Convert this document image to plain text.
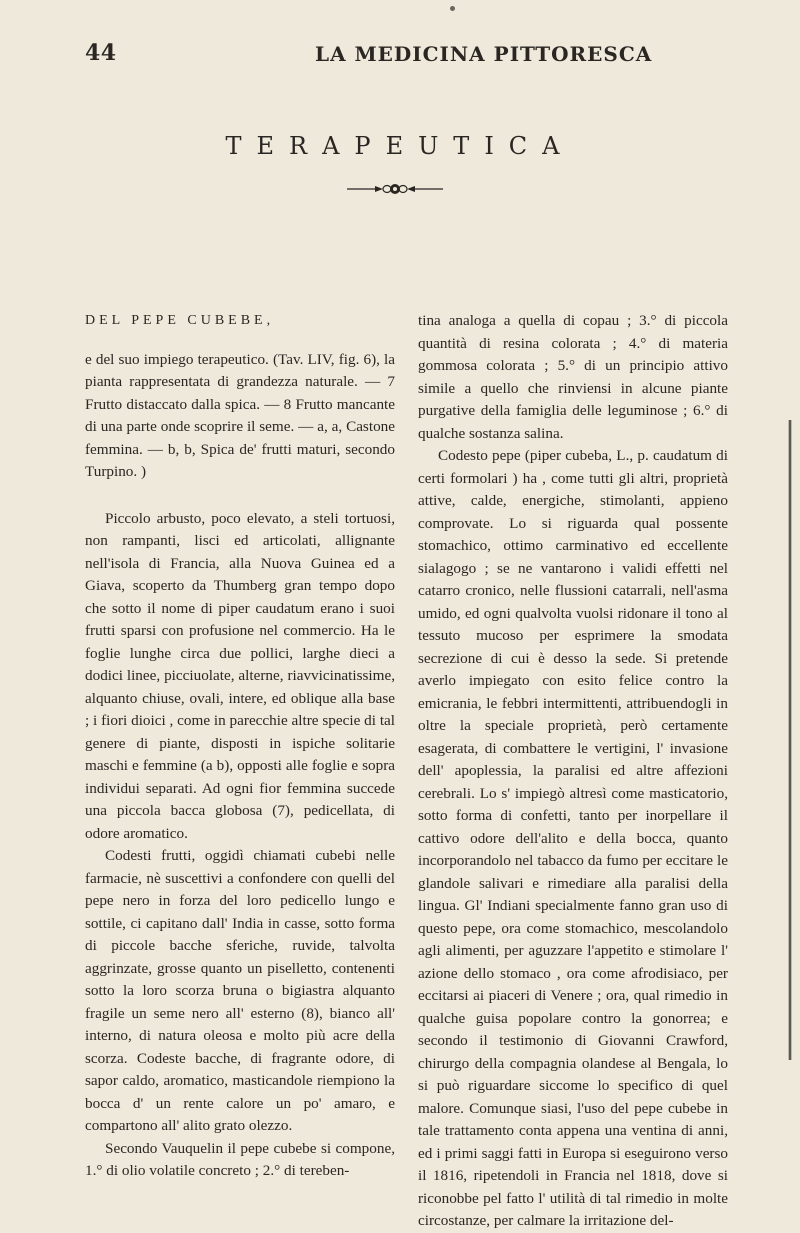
44	LA MEDICINA PITTORESCA
TERAPEUTICA

DEL PEPE CUBEBE,

e del suo impiego terapeutico. (Tav. LIV, fig. 6), la pianta rappresentata di grandezza naturale. — 7 Frutto distaccato dalla spica. — 8 Frutto mancante di una parte onde scoprire il seme. — a, a, Castone femmina. — b, b, Spica de' frutti maturi, secondo Turpino. )

Piccolo arbusto, poco elevato, a steli tortuosi, non rampanti, lisci ed articolati, allignante nell'isola di Francia, alla Nuova Guinea ed a Giava, scoperto da Thumberg gran tempo dopo che sotto il nome di piper caudatum erano i suoi frutti sparsi con profusione nel commercio. Ha le foglie lunghe circa due pollici, larghe dieci a dodici linee, picciuolate, alterne, riavvicinatissime, alquanto chiuse, ovali, intere, ed oblique alla base ; i fiori dioici , come in parecchie altre specie di tal genere di piante, disposti in ispiche solitarie maschi e femmine (a b), opposti alle foglie e sopra individui separati. Ad ogni fior femmina succede una piccola bacca globosa (7), pedicellata, di odore aromatico.

Codesti frutti, oggidì chiamati cubebi nelle farmacie, nè suscettivi a confondere con quelli del pepe nero in forza del loro pedicello lungo e sottile, ci capitano dall' India in casse, sotto forma di piccole bacche sferiche, ruvide, talvolta aggrinzate, grosse quanto un piselletto, contenenti sotto la loro scorza bruna o bigiastra alquanto fragile un seme nero all' esterno (8), bianco all' interno, di natura oleosa e molto più acre della scorza. Codeste bacche, di fragrante odore, di sapor caldo, aromatico, masticandole riempiono la bocca d' un rente calore un po' amaro, e compartono all' alito grato olezzo.

Secondo Vauquelin il pepe cubebe si compone, 1.° di olio volatile concreto ; 2.° di tereben-

tina analoga a quella di copau ; 3.° di piccola quantità di resina colorata ; 4.° di materia gommosa colorata ; 5.° di un principio attivo simile a quello che rinviensi in alcune piante purgative della famiglia delle leguminose ; 6.° di qualche sostanza salina.

Codesto pepe (piper cubeba, L., p. caudatum di certi formolari ) ha , come tutti gli altri, proprietà attive, calde, energiche, stimolanti, appieno comprovate. Lo si riguarda qual possente stomachico, ottimo carminativo ed eccellente sialagogo ; se ne vantarono i validi effetti nel catarro cronico, nelle flussioni catarrali, nell'asma umido, ed ogni qualvolta vuolsi ridonare il tono al tessuto mucoso per esprimere la smodata secrezione di cui è desso la sede. Si pretende averlo impiegato con esito felice contro la emicrania, le febbri intermittenti, attribuendogli in oltre la speciale proprietà, però certamente esagerata, di combattere le vertigini, l' invasione dell' apoplessia, la paralisi ed altre affezioni cerebrali. Lo s' impiegò altresì come masticatorio, sotto forma di confetti, tanto per inorpellare il cattivo odore dell'alito e della bocca, quanto incorporandolo nel tabacco da fumo per eccitare le glandole salivari e rimediare alla paralisi della lingua. Gl' Indiani specialmente fanno gran uso di questo pepe, ora come stomachico, mescolandolo agli alimenti, per aguzzare l'appetito e stimolare l' azione dello stomaco , ora come afrodisiaco, per eccitarsi ai piaceri di Venere ; ora, qual rimedio in qualche guisa popolare contro la gonorrea; e secondo il testimonio di Giovanni Crawford, chirurgo della compagnia olandese al Bengala, lo si può riguardare siccome lo specifico di quel malore. Comunque siasi, l'uso del pepe cubebe in tale trattamento conta appena una ventina di anni, ed i primi saggi fatti in Europa si eseguirono verso il 1816, ripetendoli in Francia nel 1818, dove si riconobbe pel fatto l' utilità di tal rimedio in molte circostanze, per calmare la irritazione del-
